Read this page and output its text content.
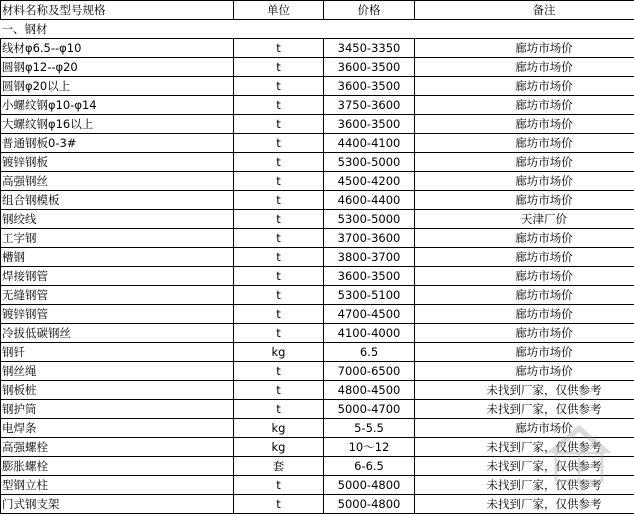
材料名称及型号规格	单位	价格	备注
一、钢材			
线材φ6.5--φ10	t	3450-3350	廊坊市场价
圆钢φ12--φ20	t	3600-3500	廊坊市场价
圆钢φ20以上	t	3600-3500	廊坊市场价
小螺纹钢φ10-φ14	t	3750-3600	廊坊市场价
大螺纹钢φ16以上	t	3600-3500	廊坊市场价
普通钢板0-3#	t	4400-4100	廊坊市场价
镀锌钢板	t	5300-5000	廊坊市场价
高强钢丝	t	4500-4200	廊坊市场价
组合钢模板	t	4600-4400	廊坊市场价
钢绞线	t	5300-5000	天津厂价
工字钢	t	3700-3600	廊坊市场价
槽钢	t	3800-3700	廊坊市场价
焊接钢管	t	3600-3500	廊坊市场价
无缝钢管	t	5300-5100	廊坊市场价
镀锌钢管	t	4700-4500	廊坊市场价
冷拔低碳钢丝	t	4100-4000	廊坊市场价
钢钎	kg	6.5	廊坊市场价
钢丝绳	t	7000-6500	廊坊市场价
钢板桩	t	4800-4500	未找到厂家，仅供参考
钢护筒	t	5000-4700	未找到厂家，仅供参考
电焊条	kg	5-5.5	廊坊市场价
高强螺栓	kg	10～12	未找到厂家，仅供参考
膨胀螺栓	套	6-6.5	未找到厂家，仅供参考
型钢立柱	t	5000-4800	未找到厂家，仅供参考
门式钢支架	t	5000-4800	未找到厂家，仅供参考
